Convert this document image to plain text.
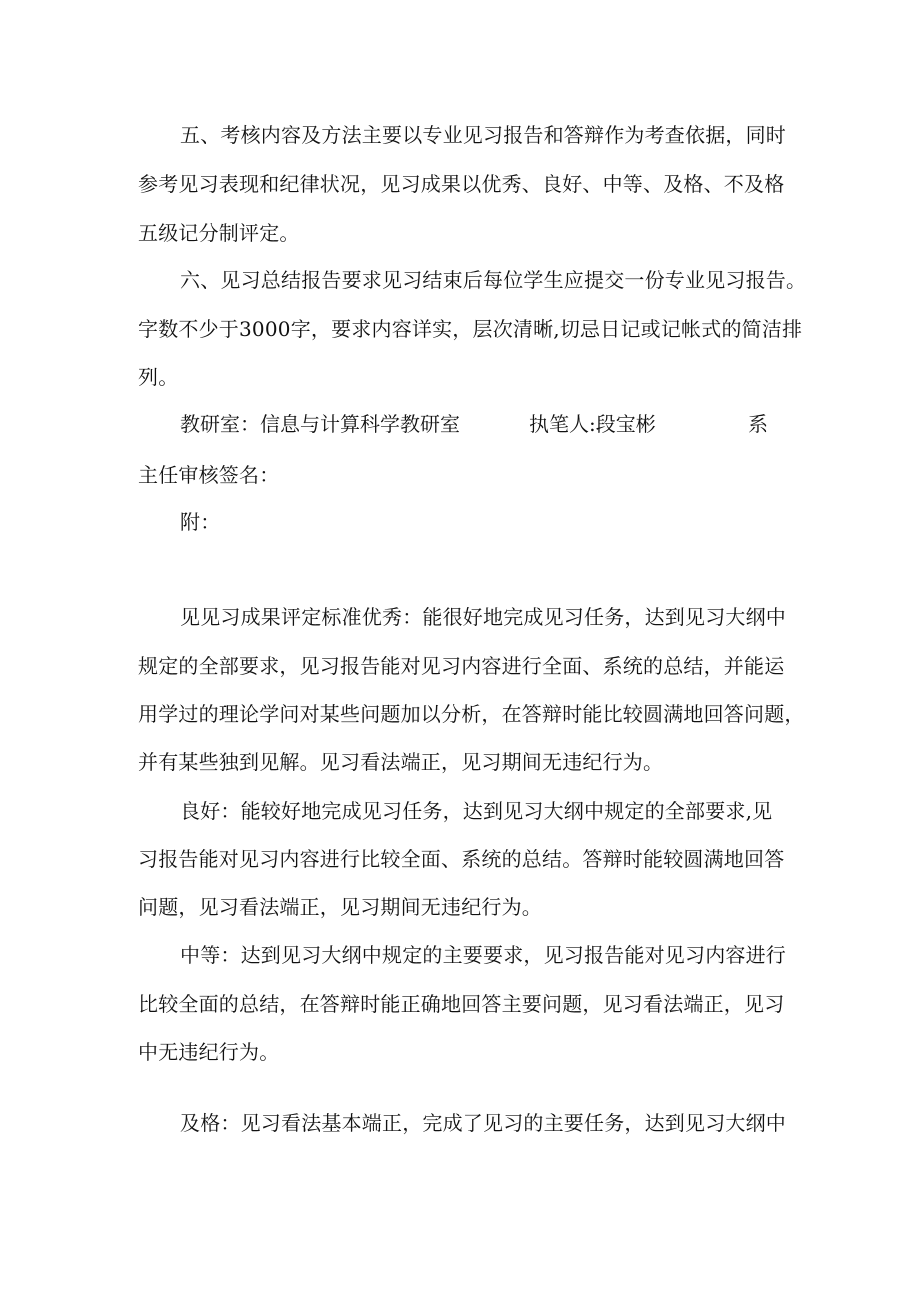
五、考核内容及方法主要以专业见习报告和答辩作为考查依据，同时
参考见习表现和纪律状况，见习成果以优秀、良好、中等、及格、不及格
五级记分制评定。
六、见习总结报告要求见习结束后每位学生应提交一份专业见习报告。
字数不少于3000字，要求内容详实，层次清晰,切忌日记或记帐式的简洁排
列。
教研室：信息与计算科学教研室	执笔人:段宝彬	系
主任审核签名：
附：
见见习成果评定标准优秀：能很好地完成见习任务，达到见习大纲中
规定的全部要求，见习报告能对见习内容进行全面、系统的总结，并能运
用学过的理论学问对某些问题加以分析，在答辩时能比较圆满地回答问题，
并有某些独到见解。见习看法端正，见习期间无违纪行为。
良好：能较好地完成见习任务，达到见习大纲中规定的全部要求,见
习报告能对见习内容进行比较全面、系统的总结。答辩时能较圆满地回答
问题，见习看法端正，见习期间无违纪行为。
中等：达到见习大纲中规定的主要要求，见习报告能对见习内容进行
比较全面的总结，在答辩时能正确地回答主要问题，见习看法端正，见习
中无违纪行为。
及格：见习看法基本端正，完成了见习的主要任务，达到见习大纲中
